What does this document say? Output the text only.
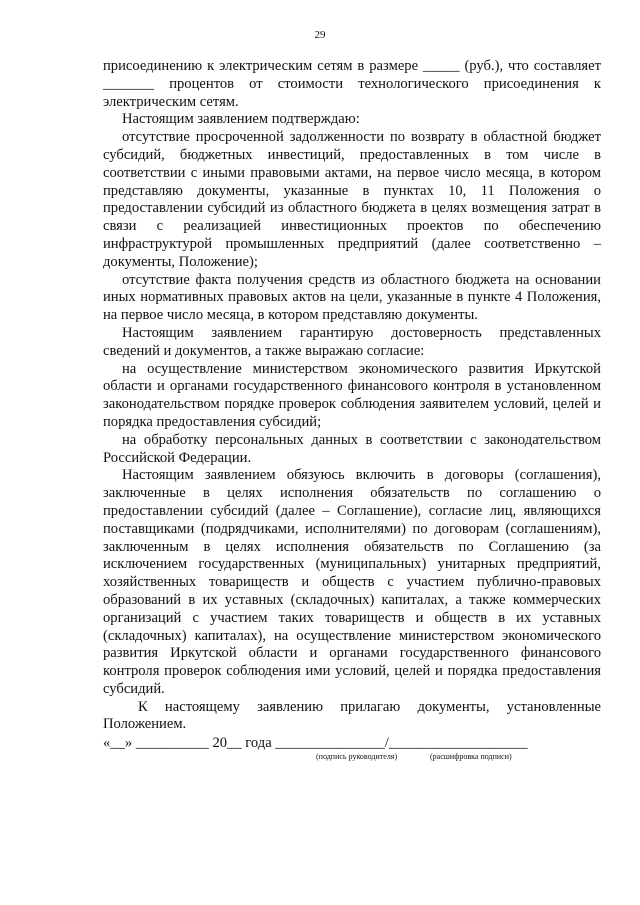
29

присоединению к электрическим сетям в размере _____ (руб.), что составляет _______ процентов от стоимости технологического присоединения к электрическим сетям.

Настоящим заявлением подтверждаю:

отсутствие просроченной задолженности по возврату в областной бюджет субсидий, бюджетных инвестиций, предоставленных в том числе в соответствии с иными правовыми актами, на первое число месяца, в котором представляю документы, указанные в пунктах 10, 11 Положения о предоставлении субсидий из областного бюджета в целях возмещения затрат в связи с реализацией инвестиционных проектов по обеспечению инфраструктурой промышленных предприятий (далее соответственно – документы, Положение);

отсутствие факта получения средств из областного бюджета на основании иных нормативных правовых актов на цели, указанные в пункте 4 Положения, на первое число месяца, в котором представляю документы.

Настоящим заявлением гарантирую достоверность представленных сведений и документов, а также выражаю согласие:

на осуществление министерством экономического развития Иркутской области и органами государственного финансового контроля в установленном законодательством порядке проверок соблюдения заявителем условий, целей и порядка предоставления субсидий;

на обработку персональных данных в соответствии с законодательством Российской Федерации.

Настоящим заявлением обязуюсь включить в договоры (соглашения), заключенные в целях исполнения обязательств по соглашению о предоставлении субсидий (далее – Соглашение), согласие лиц, являющихся поставщиками (подрядчиками, исполнителями) по договорам (соглашениям), заключенным в целях исполнения обязательств по Соглашению (за исключением государственных (муниципальных) унитарных предприятий, хозяйственных товариществ и обществ с участием публично-правовых образований в их уставных (складочных) капиталах, а также коммерческих организаций с участием таких товариществ и обществ в их уставных (складочных) капиталах), на осуществление министерством экономического развития Иркутской области и органами государственного финансового контроля проверок соблюдения ими условий, целей и порядка предоставления субсидий.

К настоящему заявлению прилагаю документы, установленные Положением.

«__» __________ 20__ года _______________/___________________
(подпись руководителя)	(расшифровка подписи)
